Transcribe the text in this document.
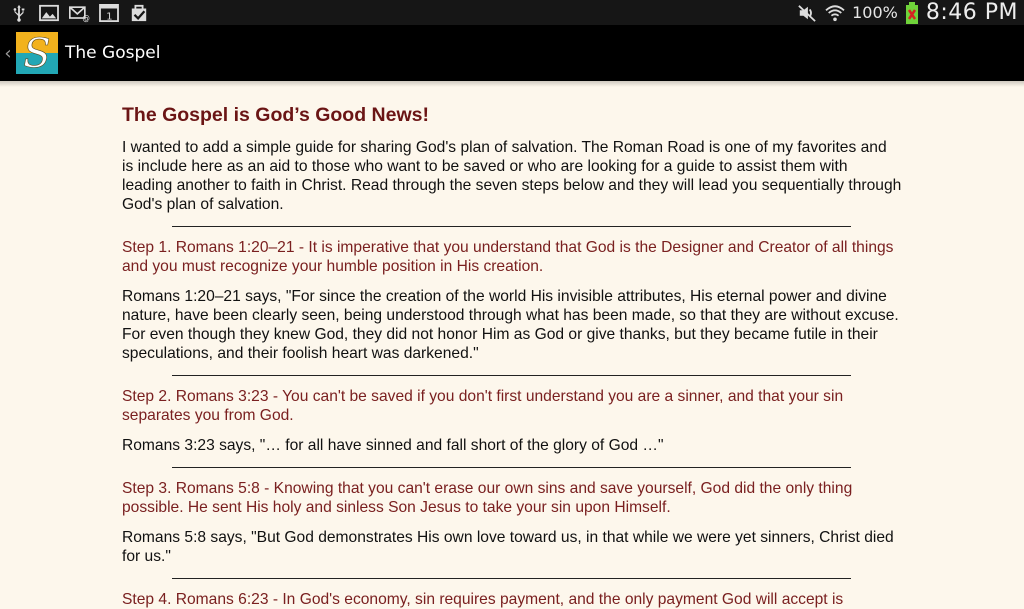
@ 1	100% 8:46 PM
‹ S The Gospel
The Gospel is God’s Good News!

I wanted to add a simple guide for sharing God's plan of salvation. The Roman Road is one of my favorites and is include here as an aid to those who want to be saved or who are looking for a guide to assist them with leading another to faith in Christ. Read through the seven steps below and they will lead you sequentially through God's plan of salvation.

Step 1. Romans 1:20–21 - It is imperative that you understand that God is the Designer and Creator of all things and you must recognize your humble position in His creation.

Romans 1:20–21 says, "For since the creation of the world His invisible attributes, His eternal power and divine nature, have been clearly seen, being understood through what has been made, so that they are without excuse. For even though they knew God, they did not honor Him as God or give thanks, but they became futile in their speculations, and their foolish heart was darkened."

Step 2. Romans 3:23 - You can't be saved if you don't first understand you are a sinner, and that your sin separates you from God.

Romans 3:23 says, "… for all have sinned and fall short of the glory of God …"

Step 3. Romans 5:8 - Knowing that you can't erase our own sins and save yourself, God did the only thing possible. He sent His holy and sinless Son Jesus to take your sin upon Himself.

Romans 5:8 says, "But God demonstrates His own love toward us, in that while we were yet sinners, Christ died for us."

Step 4. Romans 6:23 - In God's economy, sin requires payment, and the only payment God will accept is
